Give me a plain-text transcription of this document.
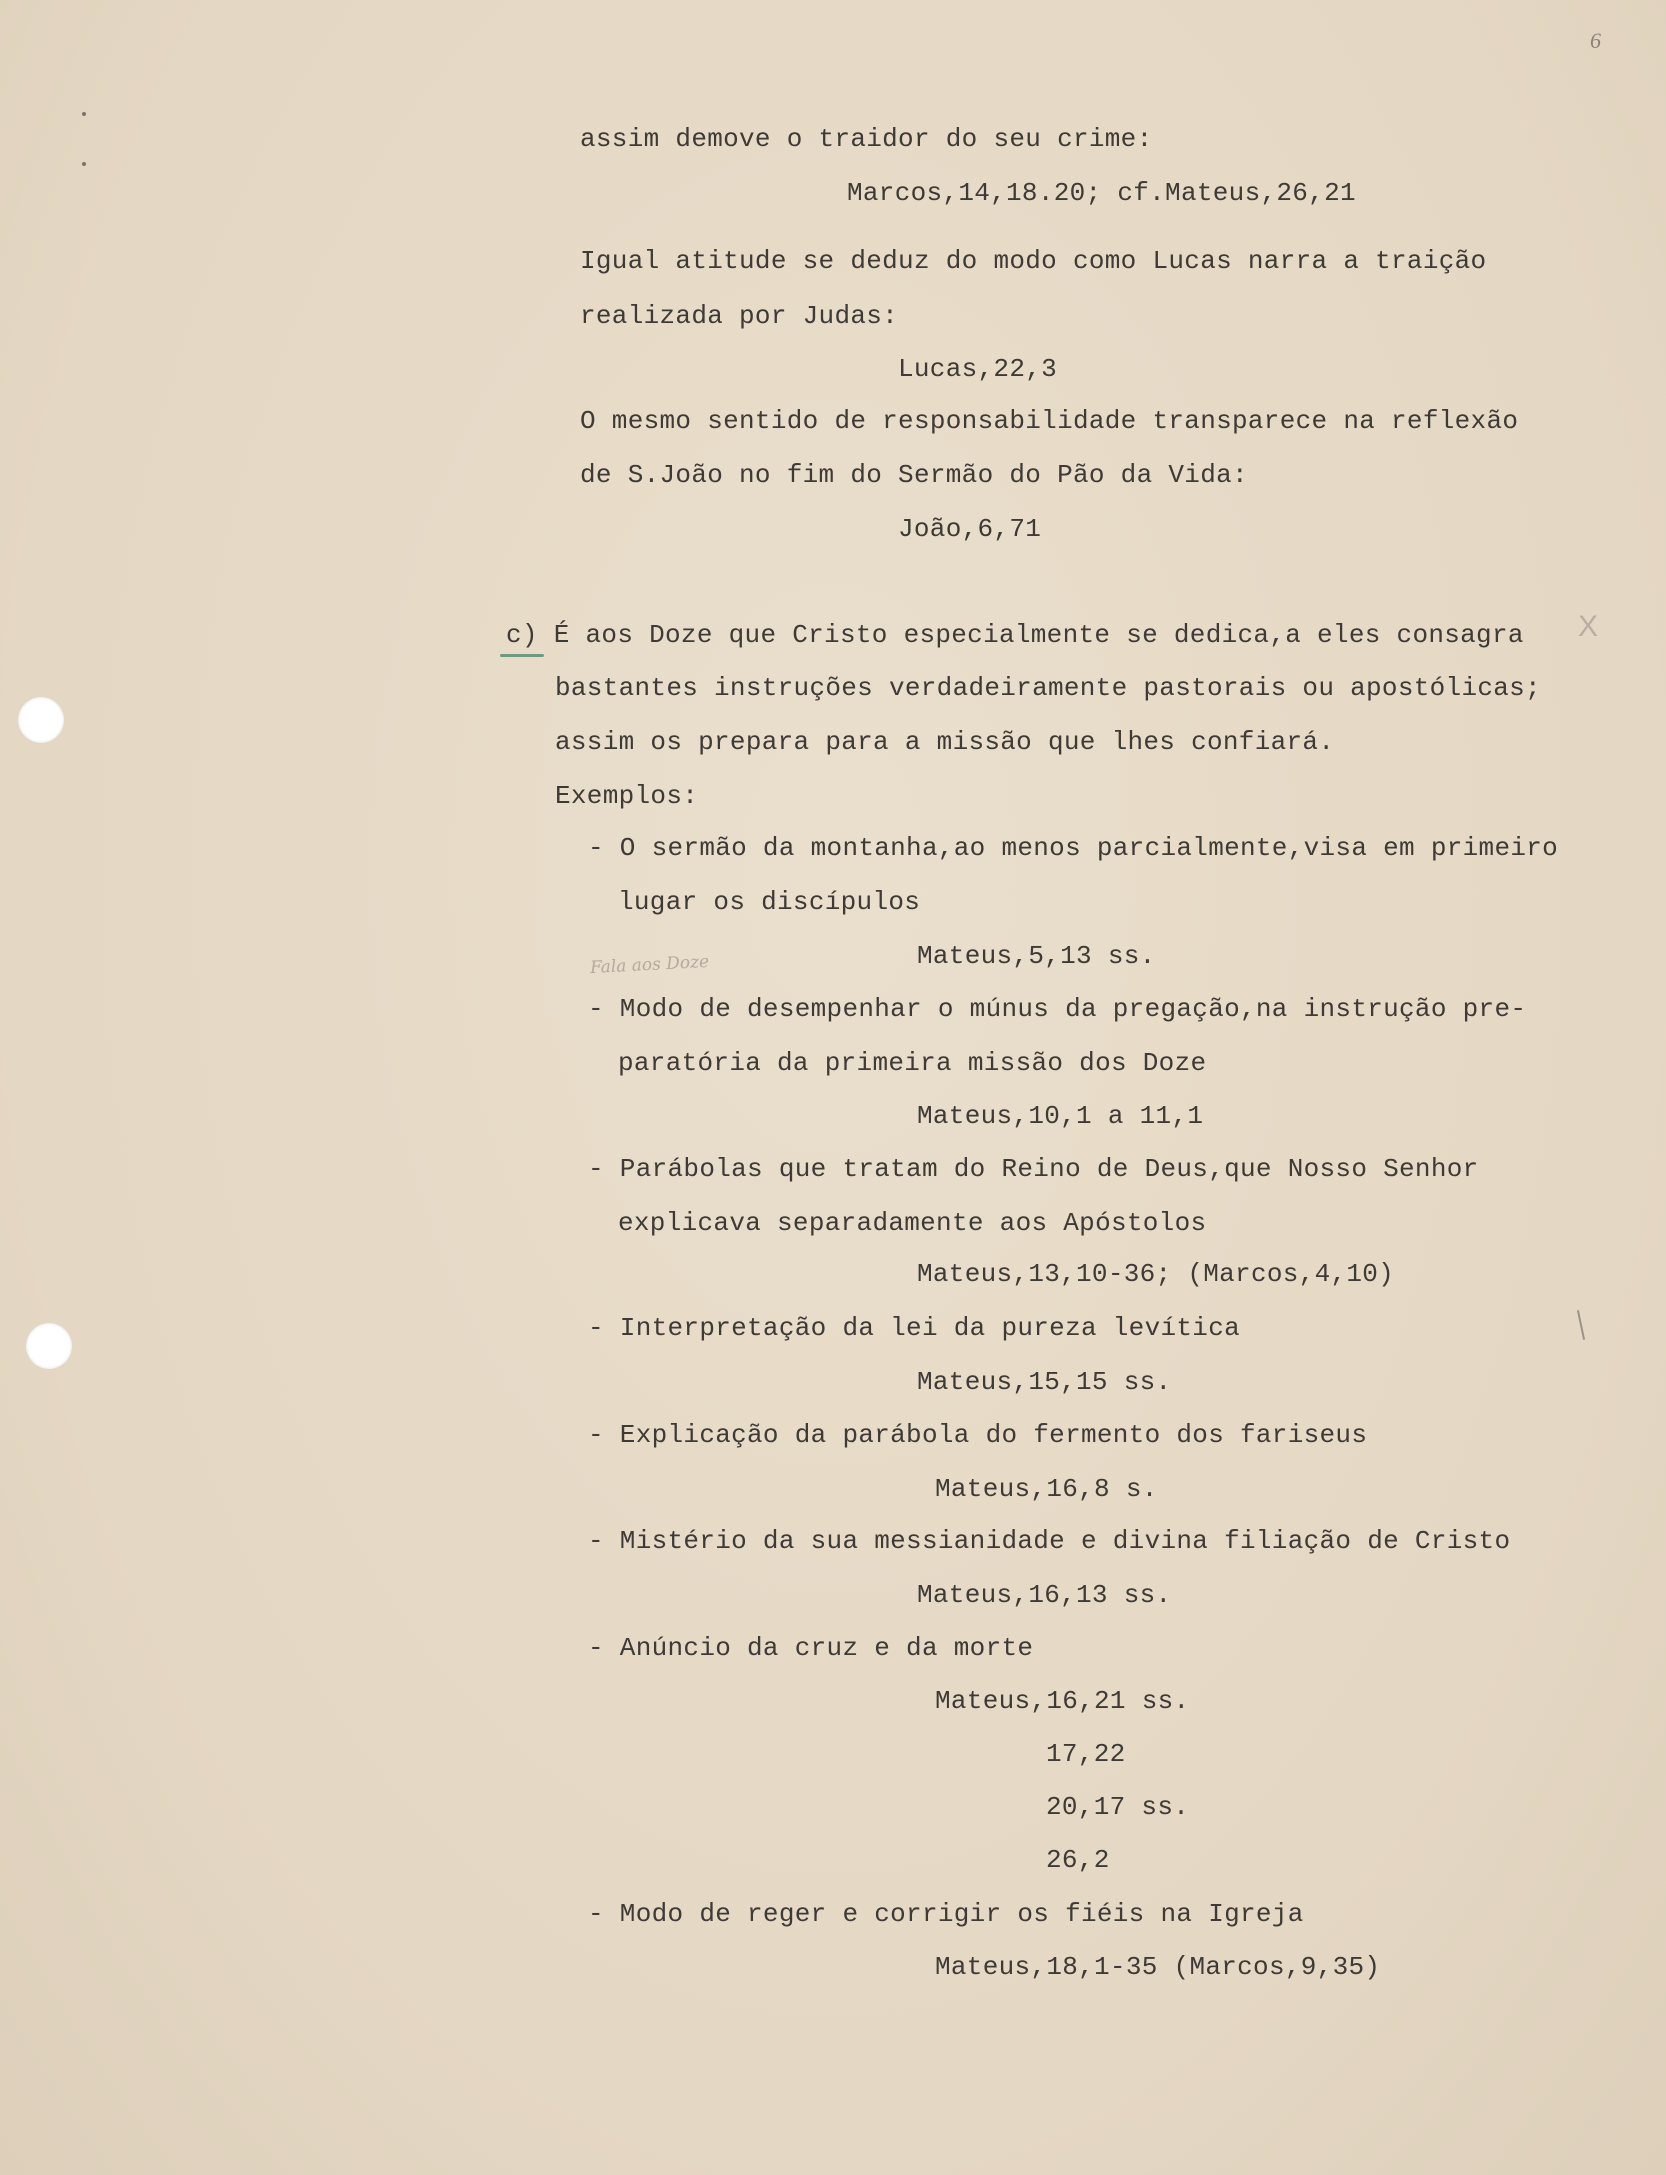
6
X
Fala aos Doze
assim demove o traidor do seu crime:
Marcos,14,18.20; cf.Mateus,26,21
Igual atitude se deduz do modo como Lucas narra a traição
realizada por Judas:
Lucas,22,3
O mesmo sentido de responsabilidade transparece na reflexão
de S.João no fim do Sermão do Pão da Vida:
João,6,71
c) É aos Doze que Cristo especialmente se dedica,a eles consagra
bastantes instruções verdadeiramente pastorais ou apostólicas;
assim os prepara para a missão que lhes confiará.
Exemplos:
- O sermão da montanha,ao menos parcialmente,visa em primeiro
lugar os discípulos
Mateus,5,13 ss.
- Modo de desempenhar o múnus da pregação,na instrução pre-
paratória da primeira missão dos Doze
Mateus,10,1 a 11,1
- Parábolas que tratam do Reino de Deus,que Nosso Senhor
explicava separadamente aos Apóstolos
Mateus,13,10-36; (Marcos,4,10)
- Interpretação da lei da pureza levítica
Mateus,15,15 ss.
- Explicação da parábola do fermento dos fariseus
Mateus,16,8 s.
- Mistério da sua messianidade e divina filiação de Cristo
Mateus,16,13 ss.
- Anúncio da cruz e da morte
Mateus,16,21 ss.
17,22
20,17 ss.
26,2
- Modo de reger e corrigir os fiéis na Igreja
Mateus,18,1-35 (Marcos,9,35)
